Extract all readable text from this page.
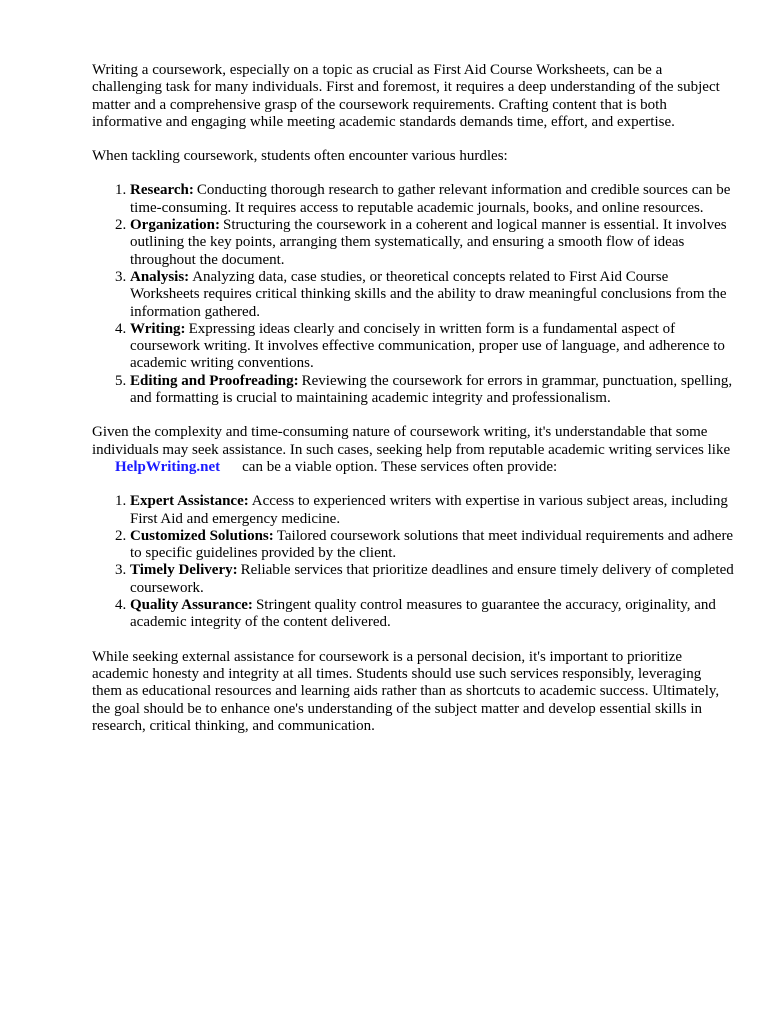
Writing a coursework, especially on a topic as crucial as First Aid Course Worksheets, can be a challenging task for many individuals. First and foremost, it requires a deep understanding of the subject matter and a comprehensive grasp of the coursework requirements. Crafting content that is both informative and engaging while meeting academic standards demands time, effort, and expertise.

When tackling coursework, students often encounter various hurdles:

1. Research: Conducting thorough research to gather relevant information and credible sources can be time-consuming. It requires access to reputable academic journals, books, and online resources.
2. Organization: Structuring the coursework in a coherent and logical manner is essential. It involves outlining the key points, arranging them systematically, and ensuring a smooth flow of ideas throughout the document.
3. Analysis: Analyzing data, case studies, or theoretical concepts related to First Aid Course Worksheets requires critical thinking skills and the ability to draw meaningful conclusions from the information gathered.
4. Writing: Expressing ideas clearly and concisely in written form is a fundamental aspect of coursework writing. It involves effective communication, proper use of language, and adherence to academic writing conventions.
5. Editing and Proofreading: Reviewing the coursework for errors in grammar, punctuation, spelling, and formatting is crucial to maintaining academic integrity and professionalism.

Given the complexity and time-consuming nature of coursework writing, it's understandable that some individuals may seek assistance. In such cases, seeking help from reputable academic writing services likeHelpWriting.net can be a viable option. These services often provide:

1. Expert Assistance: Access to experienced writers with expertise in various subject areas, including First Aid and emergency medicine.
2. Customized Solutions: Tailored coursework solutions that meet individual requirements and adhere to specific guidelines provided by the client.
3. Timely Delivery: Reliable services that prioritize deadlines and ensure timely delivery of completed coursework.
4. Quality Assurance: Stringent quality control measures to guarantee the accuracy, originality, and academic integrity of the content delivered.

While seeking external assistance for coursework is a personal decision, it's important to prioritize academic honesty and integrity at all times. Students should use such services responsibly, leveraging them as educational resources and learning aids rather than as shortcuts to academic success. Ultimately, the goal should be to enhance one's understanding of the subject matter and develop essential skills in research, critical thinking, and communication.
